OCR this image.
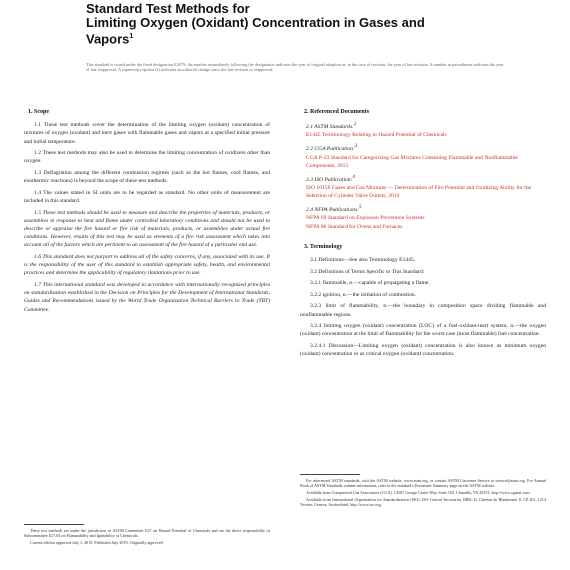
Standard Test Methods for
Limiting Oxygen (Oxidant) Concentration in Gases and
Vapors$^1$
This standard is issued under the fixed designation E2079; the number immediately following the designation indicates the year of original adoption or, in the case of revision, the year of last revision. A number in parentheses indicates the year of last reapproval. A superscript epsilon (ε) indicates an editorial change since the last revision or reapproval.
1. Scope

1.1 These test methods cover the determination of the limiting oxygen (oxidant) concentration of mixtures of oxygen (oxidant) and inert gases with flammable gases and vapors at a specified initial pressure and initial temperature.

1.2 These test methods may also be used to determine the limiting concentration of oxidizers other than oxygen.

1.3 Deflagration among the different combustion regimes (such as the hot flames, cool flames, and exothermic reactions) is beyond the scope of these test methods.

1.4 The values stated in SI units are to be regarded as standard. No other units of measurement are included in this standard.

1.5 These test methods should be used to measure and describe the properties of materials, products, or assemblies in response to heat and flame under controlled laboratory conditions and should not be used to describe or appraise the fire hazard or fire risk of materials, products, or assemblies under actual fire conditions. However, results of this test may be used as elements of a fire risk assessment which takes into account all of the factors which are pertinent to an assessment of the fire hazard of a particular end use.

1.6 This standard does not purport to address all of the safety concerns, if any, associated with its use. It is the responsibility of the user of this standard to establish appropriate safety, health, and environmental practices and determine the applicability of regulatory limitations prior to use.

1.7 This international standard was developed in accordance with internationally recognized principles on standardization established in the Decision on Principles for the Development of International Standards, Guides and Recommendations issued by the World Trade Organization Technical Barriers to Trade (TBT) Committee.

These test methods are under the jurisdiction of ASTM Committee E27 on Hazard Potential of Chemicals and are the direct responsibility of Subcommittee E27.04 on Flammability and Ignitability of Chemicals.

Current edition approved July 1, 2019. Published July 2019. Originally approved

2. Referenced Documents
2.1 ASTM Standards:$^2$
E1445 Terminology Relating to Hazard Potential of Chemicals
2.2 CGA Publication:$^3$
CGA P-23 Standard for Categorizing Gas Mixtures Containing Flammable and Nonflammable Components, 2015
2.3 ISO Publication:$^4$
ISO 10156 Gases and Gas Mixtures — Determination of Fire Potential and Oxidizing Ability for the Selection of Cylinder Valve Outlets, 2010
2.4 NFPA Publications:$^5$
NFPA 69 Standard on Explosion Prevention Systems
NFPA 86 Standard for Ovens and Furnaces
3. Terminology

3.1 Definitions—See also Terminology E1445.

3.2 Definitions of Terms Specific to This Standard:

3.2.1 flammable, n.—capable of propagating a flame.

3.2.2 ignition, n.—the initiation of combustion.

3.2.3 limit of flammability, n.—the boundary in composition space dividing flammable and nonflammable regions.

3.2.4 limiting oxygen (oxidant) concentration (LOC) of a fuel-oxidant-inert system, n.—the oxygen (oxidant) concentration at the limit of flammability for the worst case (most flammable) fuel concentration.

3.2.4.1 Discussion—Limiting oxygen (oxidant) concentration is also known as minimum oxygen (oxidant) concentration or as critical oxygen (oxidant) concentration.

For referenced ASTM standards, visit the ASTM website, www.astm.org, or contact ASTM Customer Service at service@astm.org. For Annual Book of ASTM Standards volume information, refer to the standard's Document Summary page on the ASTM website.

Available from Compressed Gas Association (CGA), 14501 George Carter Way, Suite 103, Chantilly, VA 20151, http://www.cganet.com.

Available from International Organization for Standardization (ISO), ISO Central Secretariat, BIBC II, Chemin de Blandonnet 8, CP 401, 1214 Vernier, Geneva, Switzerland, http://www.iso.org.
